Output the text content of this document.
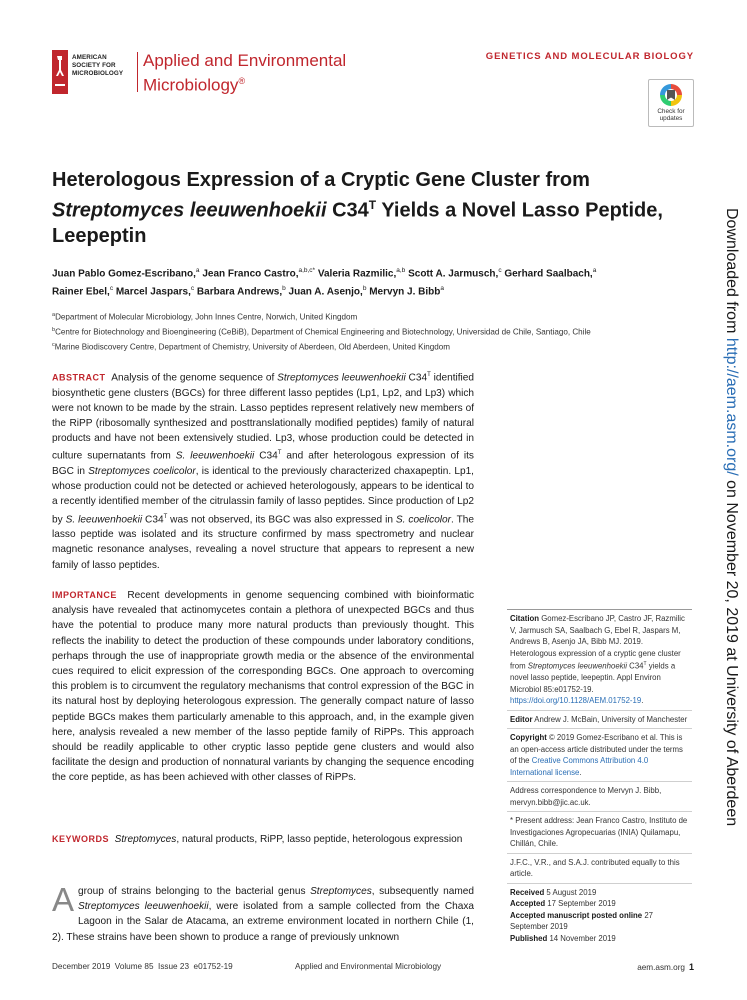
AMERICAN
SOCIETY FOR
MICROBIOLOGY
Applied and Environmental
Microbiology®
GENETICS AND MOLECULAR BIOLOGY
Check for
updates
Heterologous Expression of a Cryptic Gene Cluster from
Streptomyces leeuwenhoekii $C34^T$ Yields a Novel Lasso Peptide,
Leepeptin
Juan Pablo Gomez-Escribano,$^a$ Jean Franco Castro,$^{a,b,c*}$ Valeria Razmilic,$^{a,b}$ Scott A. Jarmusch,$^c$ Gerhard Saalbach,$^a$
Rainer Ebel,$^c$ Marcel Jaspars,$^c$ Barbara Andrews,$^b$ Juan A. Asenjo,$^b$ Mervyn J. Bibb$^a$
$^a$Department of Molecular Microbiology, John Innes Centre, Norwich, United Kingdom
$^b$Centre for Biotechnology and Bioengineering (CeBiB), Department of Chemical Engineering and Biotechnology, Universidad de Chile, Santiago, Chile
$^c$Marine Biodiscovery Centre, Department of Chemistry, University of Aberdeen, Old Aberdeen, United Kingdom
ABSTRACT Analysis of the genome sequence of Streptomyces leeuwenhoekii $C34^T$ identified biosynthetic gene clusters (BGCs) for three different lasso peptides (Lp1, Lp2, and Lp3) which were not known to be made by the strain. Lasso peptides represent relatively new members of the RiPP (ribosomally synthesized and posttranslationally modified peptides) family of natural products and have not been extensively studied. Lp3, whose production could be detected in culture supernatants from S. leeuwenhoekii $C34^T$ and after heterologous expression of its BGC in Streptomyces coelicolor, is identical to the previously characterized chaxapeptin. Lp1, whose production could not be detected or achieved heterologously, appears to be identical to a recently identified member of the citrulassin family of lasso peptides. Since production of Lp2 by S. leeuwenhoekii $C34^T$ was not observed, its BGC was also expressed in S. coelicolor. The lasso peptide was isolated and its structure confirmed by mass spectrometry and nuclear magnetic resonance analyses, revealing a novel structure that appears to represent a new family of lasso peptides.
IMPORTANCE Recent developments in genome sequencing combined with bioinformatic analysis have revealed that actinomycetes contain a plethora of unexpected BGCs and thus have the potential to produce many more natural products than previously thought. This reflects the inability to detect the production of these compounds under laboratory conditions, perhaps through the use of inappropriate growth media or the absence of the environmental cues required to elicit expression of the corresponding BGCs. One approach to overcoming this problem is to circumvent the regulatory mechanisms that control expression of the BGC in its natural host by deploying heterologous expression. The generally compact nature of lasso peptide BGCs makes them particularly amenable to this approach, and, in the example given here, analysis revealed a new member of the lasso peptide family of RiPPs. This approach should be readily applicable to other cryptic lasso peptide gene clusters and would also facilitate the design and production of nonnatural variants by changing the sequence encoding the core peptide, as has been achieved with other classes of RiPPs.
KEYWORDS Streptomyces, natural products, RiPP, lasso peptide, heterologous expression
A group of strains belonging to the bacterial genus Streptomyces, subsequently named Streptomyces leeuwenhoekii, were isolated from a sample collected from the Chaxa Lagoon in the Salar de Atacama, an extreme environment located in northern Chile (1, 2). These strains have been shown to produce a range of previously unknown
Citation Gomez-Escribano JP, Castro JF, Razmilic V, Jarmusch SA, Saalbach G, Ebel R, Jaspars M, Andrews B, Asenjo JA, Bibb MJ. 2019. Heterologous expression of a cryptic gene cluster from Streptomyces leeuwenhoekii $C34^T$ yields a novel lasso peptide, leepeptin. Appl Environ Microbiol 85:e01752-19. https://doi.org/10.1128/AEM.01752-19.
Editor Andrew J. McBain, University of Manchester
Copyright © 2019 Gomez-Escribano et al. This is an open-access article distributed under the terms of the Creative Commons Attribution 4.0 International license.
Address correspondence to Mervyn J. Bibb, mervyn.bibb@jic.ac.uk.
* Present address: Jean Franco Castro, Instituto de Investigaciones Agropecuarias (INIA) Quilamapu, Chillán, Chile.
J.F.C., V.R., and S.A.J. contributed equally to this article.
Received 5 August 2019
Accepted 17 September 2019
Accepted manuscript posted online 27 September 2019
Published 14 November 2019
Downloaded from http://aem.asm.org/ on November 20, 2019 at University of Aberdeen
December 2019  Volume 85  Issue 23  e01752-19	Applied and Environmental Microbiology	aem.asm.org 1
